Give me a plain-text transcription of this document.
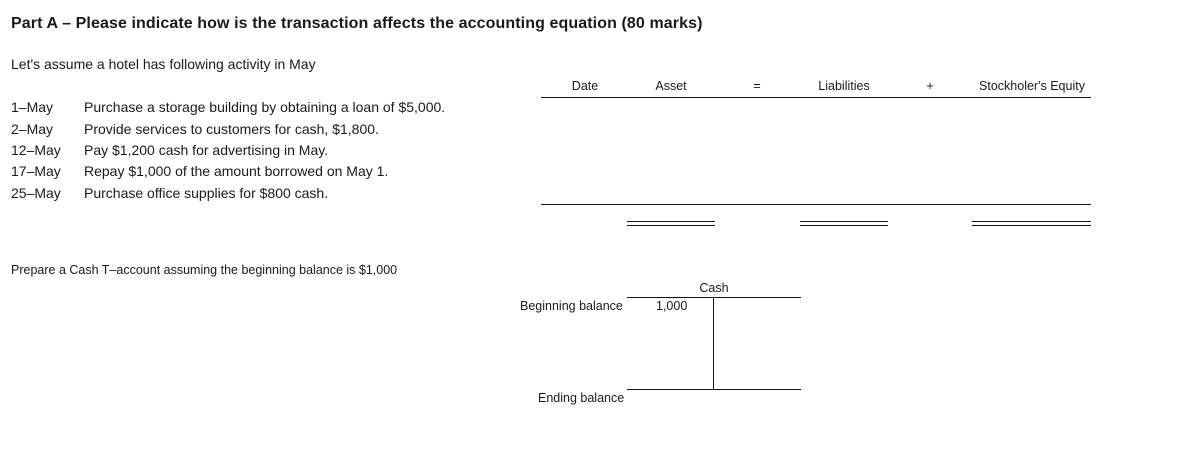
Part A – Please indicate how is the transaction affects the accounting equation (80 marks)
Let's assume a hotel has following activity in May
1–May Purchase a storage building by obtaining a loan of $5,000.
2–May Provide services to customers for cash, $1,800.
12–May Pay $1,200 cash for advertising in May.
17–May Repay $1,000 of the amount borrowed on May 1.
25–May Purchase office supplies for $800 cash.
Date	Asset	=	Liabilities	+	Stockholer's Equity
Prepare a Cash T–account assuming the beginning balance is $1,000
Cash
Beginning balance	1,000
Ending balance
